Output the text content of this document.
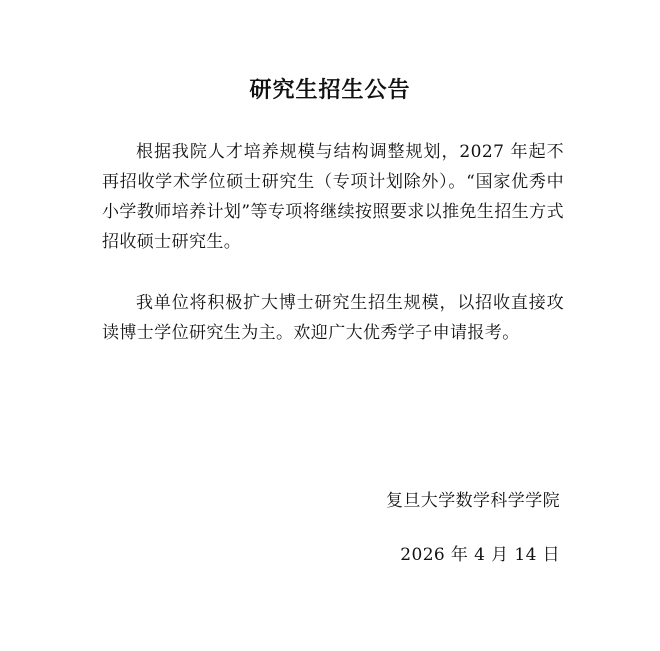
研究生招生公告

根据我院人才培养规模与结构调整规划，2027 年起不再招收学术学位硕士研究生（专项计划除外）。“国家优秀中小学教师培养计划”等专项将继续按照要求以推免生招生方式招收硕士研究生。

我单位将积极扩大博士研究生招生规模，以招收直接攻读博士学位研究生为主。欢迎广大优秀学子申请报考。

复旦大学数学科学学院
2026 年 4 月 14 日
